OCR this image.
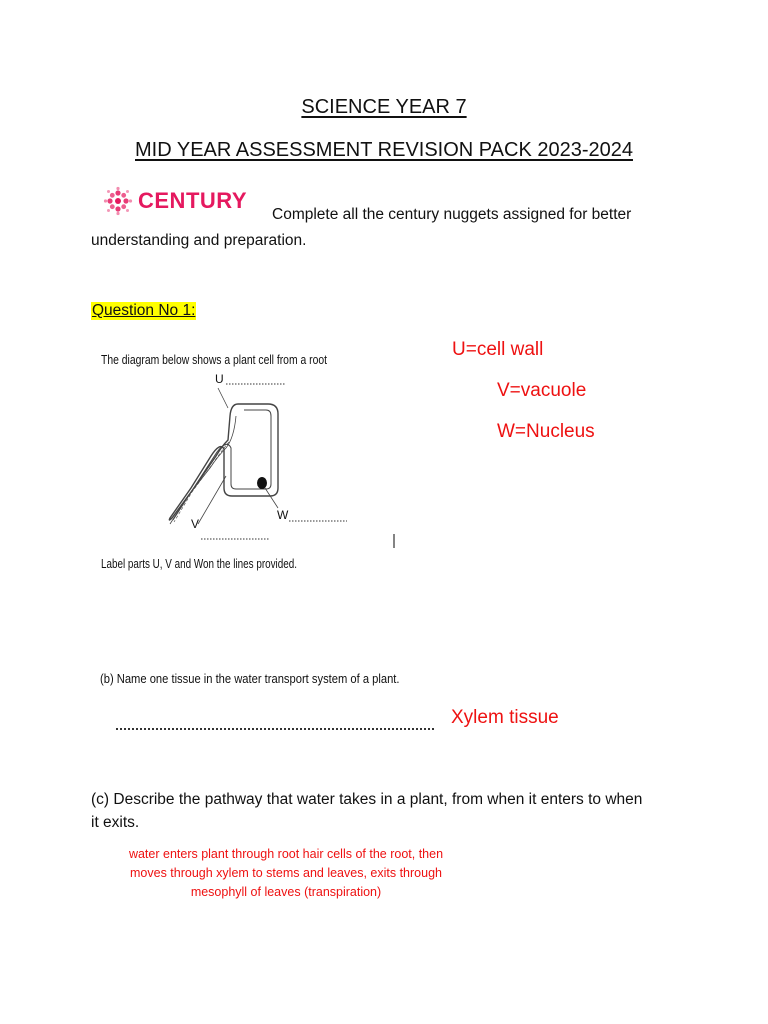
SCIENCE YEAR 7
MID YEAR ASSESSMENT REVISION PACK 2023-2024
CENTURY
Complete all the century nuggets assigned for better understanding and preparation.
Question No 1:
The diagram below shows a plant cell from a root
U
V
W
Label parts U, V and Won the lines provided.
U=cell wall
V=vacuole
W=Nucleus
(b) Name one tissue in the water transport system of a plant.
Xylem tissue
(c) Describe the pathway that water takes in a plant, from when it enters to when it exits.
water enters plant through root hair cells of the root, then moves through xylem to stems and leaves, exits through mesophyll of leaves (transpiration)
